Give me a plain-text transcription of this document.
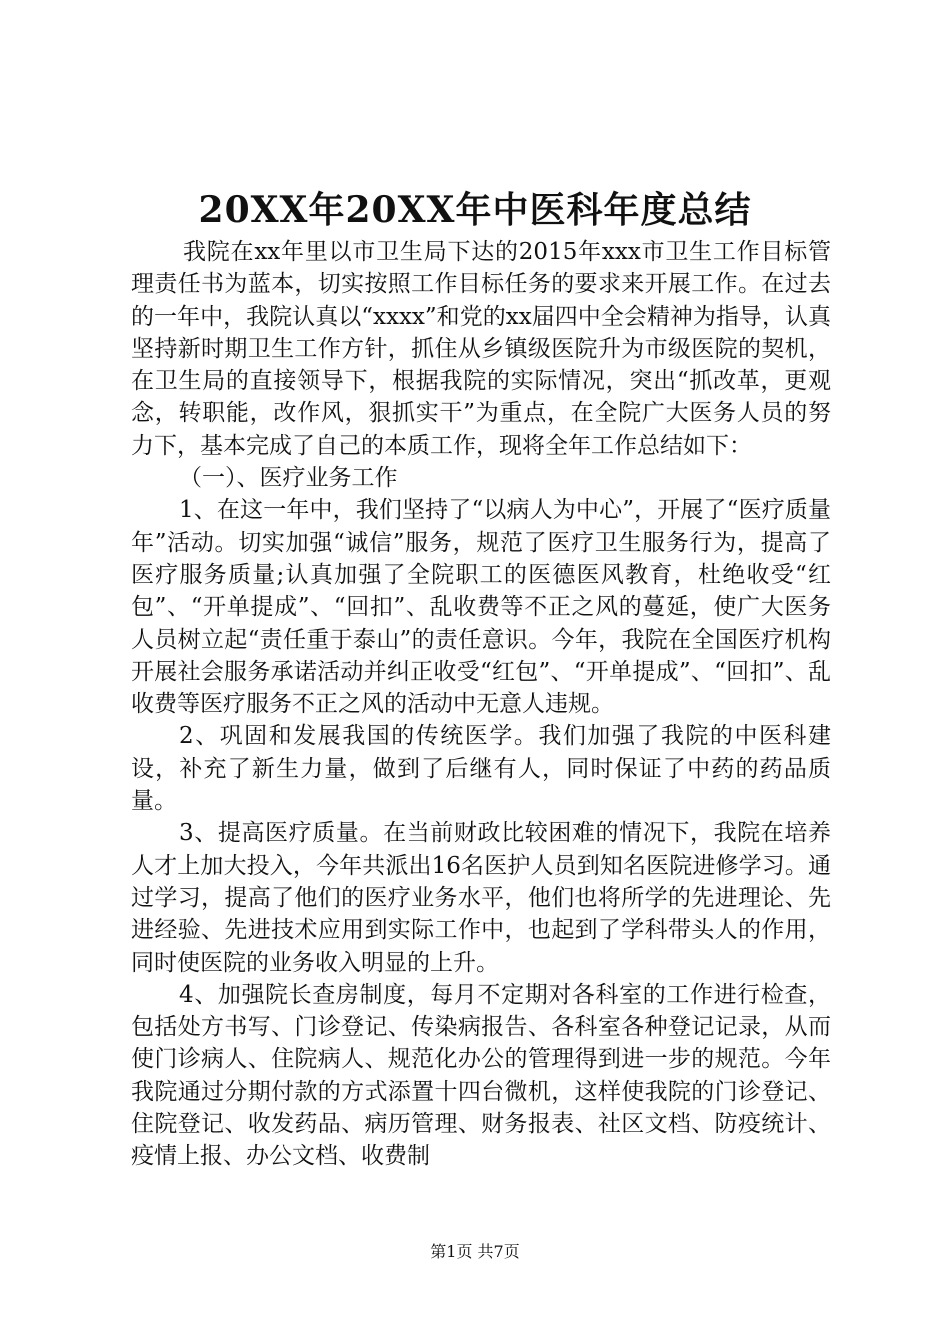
20XX年20XX年中医科年度总结

我院在xx年里以市卫生局下达的2015年xxx市卫生工作目标管理责任书为蓝本，切实按照工作目标任务的要求来开展工作。在过去的一年中，我院认真以“xxxx”和党的xx届四中全会精神为指导，认真坚持新时期卫生工作方针，抓住从乡镇级医院升为市级医院的契机，在卫生局的直接领导下，根据我院的实际情况，突出“抓改革，更观念，转职能，改作风，狠抓实干”为重点，在全院广大医务人员的努力下，基本完成了自己的本质工作，现将全年工作总结如下：

（一）、医疗业务工作

1、在这一年中，我们坚持了“以病人为中心”，开展了“医疗质量年”活动。切实加强“诚信”服务，规范了医疗卫生服务行为，提高了医疗服务质量;认真加强了全院职工的医德医风教育，杜绝收受“红包”、“开单提成”、“回扣”、乱收费等不正之风的蔓延，使广大医务人员树立起“责任重于泰山”的责任意识。今年，我院在全国医疗机构开展社会服务承诺活动并纠正收受“红包”、“开单提成”、“回扣”、乱收费等医疗服务不正之风的活动中无意人违规。

2、巩固和发展我国的传统医学。我们加强了我院的中医科建设，补充了新生力量，做到了后继有人，同时保证了中药的药品质量。

3、提高医疗质量。在当前财政比较困难的情况下，我院在培养人才上加大投入，今年共派出16名医护人员到知名医院进修学习。通过学习，提高了他们的医疗业务水平，他们也将所学的先进理论、先进经验、先进技术应用到实际工作中，也起到了学科带头人的作用，同时使医院的业务收入明显的上升。

4、加强院长查房制度，每月不定期对各科室的工作进行检查，包括处方书写、门诊登记、传染病报告、各科室各种登记记录，从而使门诊病人、住院病人、规范化办公的管理得到进一步的规范。今年我院通过分期付款的方式添置十四台微机，这样使我院的门诊登记、住院登记、收发药品、病历管理、财务报表、社区文档、防疫统计、疫情上报、办公文档、收费制

第1页 共7页
